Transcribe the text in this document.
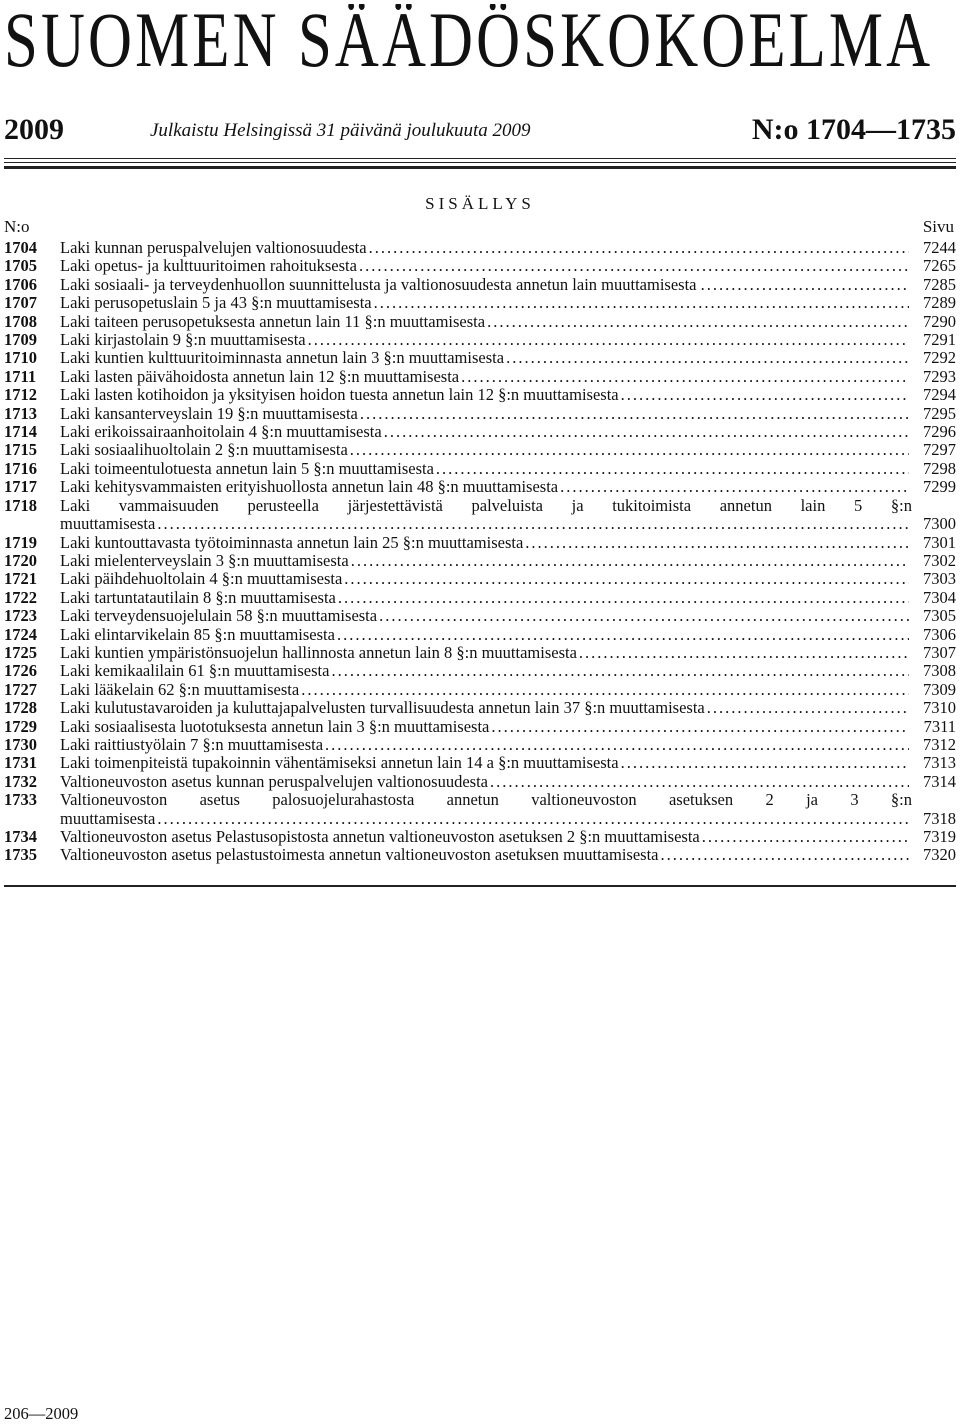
SUOMEN SÄÄDÖSKOKOELMA
2009	Julkaistu Helsingissä 31 päivänä joulukuuta 2009	N:o 1704—1735
SISÄLLYS
N:o	Sivu
1704	Laki kunnan peruspalvelujen valtionosuudesta .....	7244
1705	Laki opetus- ja kulttuuritoimen rahoituksesta .....	7265
1706	Laki sosiaali- ja terveydenhuollon suunnittelusta ja valtionosuudesta annetun lain muuttamisesta . .....	7285
1707	Laki perusopetuslain 5 ja 43 §:n muuttamisesta .....	7289
1708	Laki taiteen perusopetuksesta annetun lain 11 §:n muuttamisesta .....	7290
1709	Laki kirjastolain 9 §:n muuttamisesta .....	7291
1710	Laki kuntien kulttuuritoiminnasta annetun lain 3 §:n muuttamisesta .....	7292
1711	Laki lasten päivähoidosta annetun lain 12 §:n muuttamisesta .....	7293
1712	Laki lasten kotihoidon ja yksityisen hoidon tuesta annetun lain 12 §:n muuttamisesta .....	7294
1713	Laki kansanterveyslain 19 §:n muuttamisesta .....	7295
1714	Laki erikoissairaanhoitolain 4 §:n muuttamisesta .....	7296
1715	Laki sosiaalihuoltolain 2 §:n muuttamisesta .....	7297
1716	Laki toimeentulotuesta annetun lain 5 §:n muuttamisesta .....	7298
1717	Laki kehitysvammaisten erityishuollosta annetun lain 48 §:n muuttamisesta .....	7299
1718	Laki vammaisuuden perusteella järjestettävistä palveluista ja tukitoimista annetun lain 5 §:n
muuttamisesta .....	7300
1719	Laki kuntouttavasta työtoiminnasta annetun lain 25 §:n muuttamisesta .....	7301
1720	Laki mielenterveyslain 3 §:n muuttamisesta .....	7302
1721	Laki päihdehuoltolain 4 §:n muuttamisesta .....	7303
1722	Laki tartuntatautilain 8 §:n muuttamisesta .....	7304
1723	Laki terveydensuojelulain 58 §:n muuttamisesta .....	7305
1724	Laki elintarvikelain 85 §:n muuttamisesta .....	7306
1725	Laki kuntien ympäristönsuojelun hallinnosta annetun lain 8 §:n muuttamisesta .....	7307
1726	Laki kemikaalilain 61 §:n muuttamisesta .....	7308
1727	Laki lääkelain 62 §:n muuttamisesta .....	7309
1728	Laki kulutustavaroiden ja kuluttajapalvelusten turvallisuudesta annetun lain 37 §:n muuttamisesta .....	7310
1729	Laki sosiaalisesta luototuksesta annetun lain 3 §:n muuttamisesta .....	7311
1730	Laki raittiustyölain 7 §:n muuttamisesta .....	7312
1731	Laki toimenpiteistä tupakoinnin vähentämiseksi annetun lain 14 a §:n muuttamisesta .....	7313
1732	Valtioneuvoston asetus kunnan peruspalvelujen valtionosuudesta .....	7314
1733	Valtioneuvoston asetus palosuojelurahastosta annetun valtioneuvoston asetuksen 2 ja 3 §:n
muuttamisesta .....	7318
1734	Valtioneuvoston asetus Pelastusopistosta annetun valtioneuvoston asetuksen 2 §:n muuttamisesta .....	7319
1735	Valtioneuvoston asetus pelastustoimesta annetun valtioneuvoston asetuksen muuttamisesta .....	7320
206—2009
